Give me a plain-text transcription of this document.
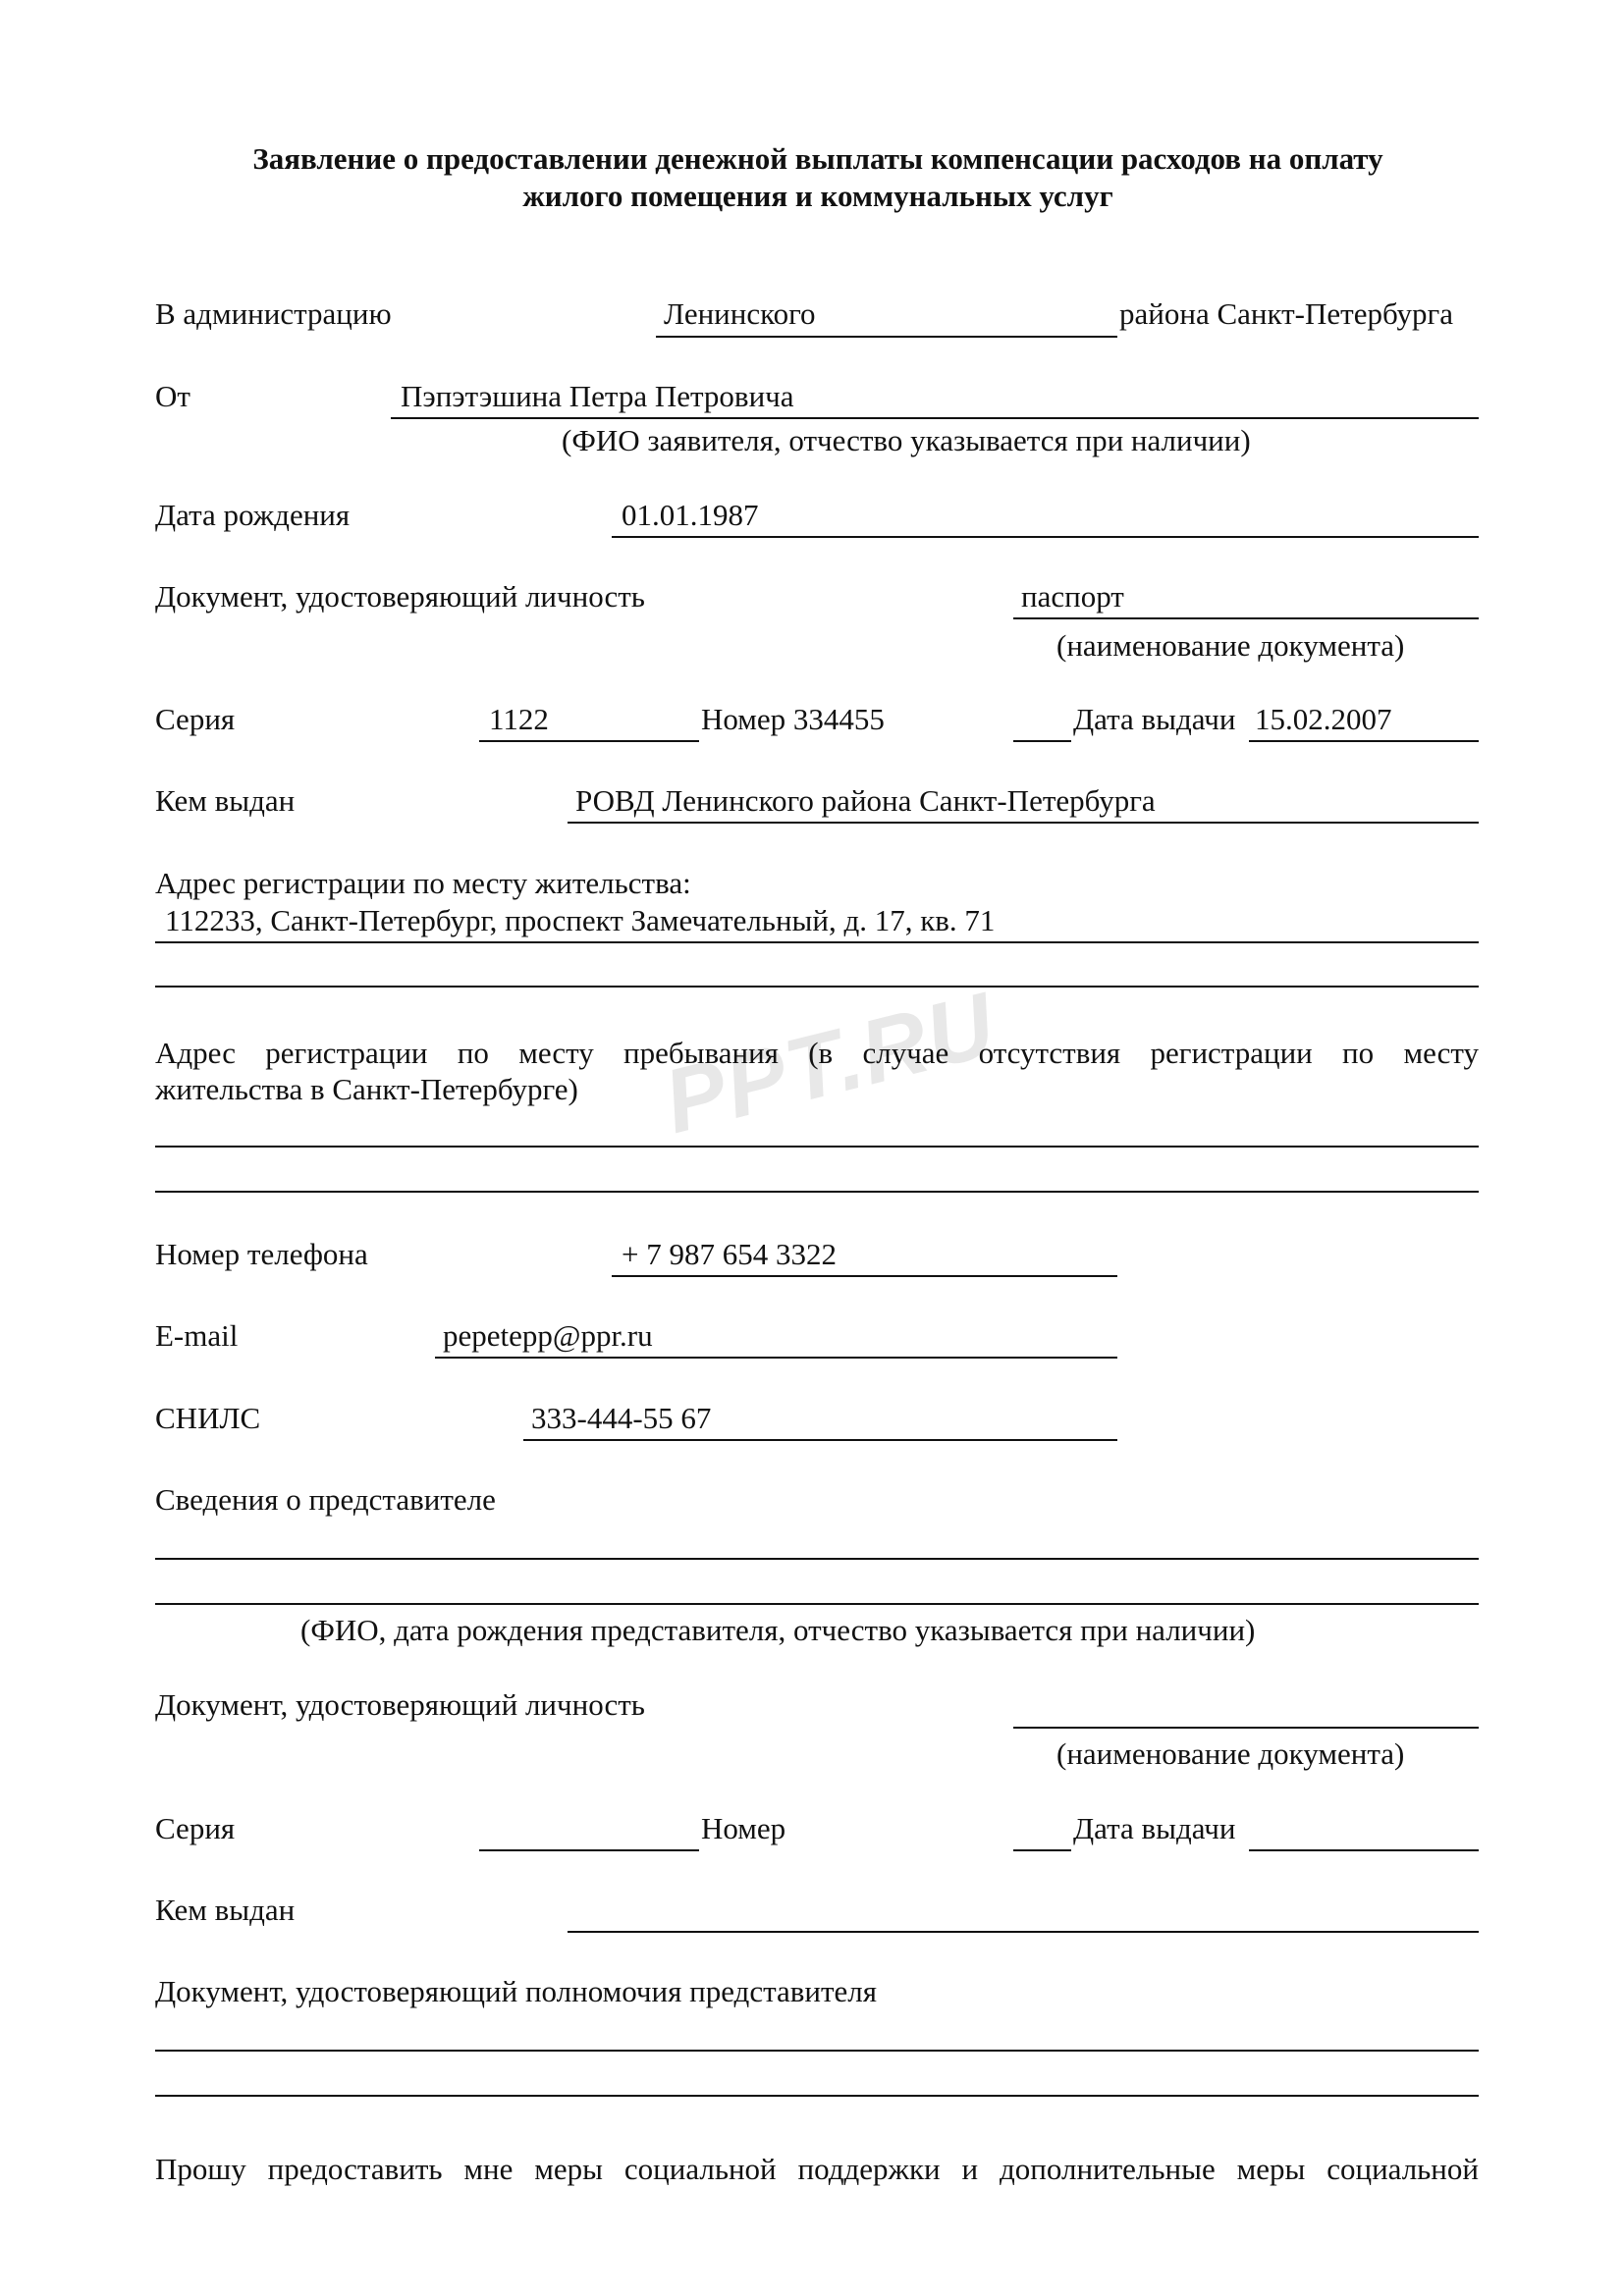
PPT.RU
Заявление о предоставлении денежной выплаты компенсации расходов на оплату
жилого помещения и коммунальных услуг
В администрацию	Ленинского	района Санкт-Петербурга
От	Пэпэтэшина Петра Петровича
(ФИО заявителя, отчество указывается при наличии)
Дата рождения	01.01.1987
Документ, удостоверяющий личность	паспорт
(наименование документа)
Серия	1122	Номер 334455	Дата выдачи 15.02.2007
Кем выдан	РОВД Ленинского района Санкт-Петербурга
Адрес регистрации по месту жительства:
112233, Санкт-Петербург, проспект Замечательный, д. 17, кв. 71
Адрес регистрации по месту пребывания (в случае отсутствия регистрации по месту
жительства в Санкт-Петербурге)
Номер телефона	+ 7 987 654 3322
E-mail	pepetepp@ppr.ru
СНИЛС	333-444-55 67
Сведения о представителе
(ФИО, дата рождения представителя, отчество указывается при наличии)
Документ, удостоверяющий личность
(наименование документа)
Серия	Номер	Дата выдачи
Кем выдан
Документ, удостоверяющий полномочия представителя
Прошу предоставить мне меры социальной поддержки и дополнительные меры социальной
